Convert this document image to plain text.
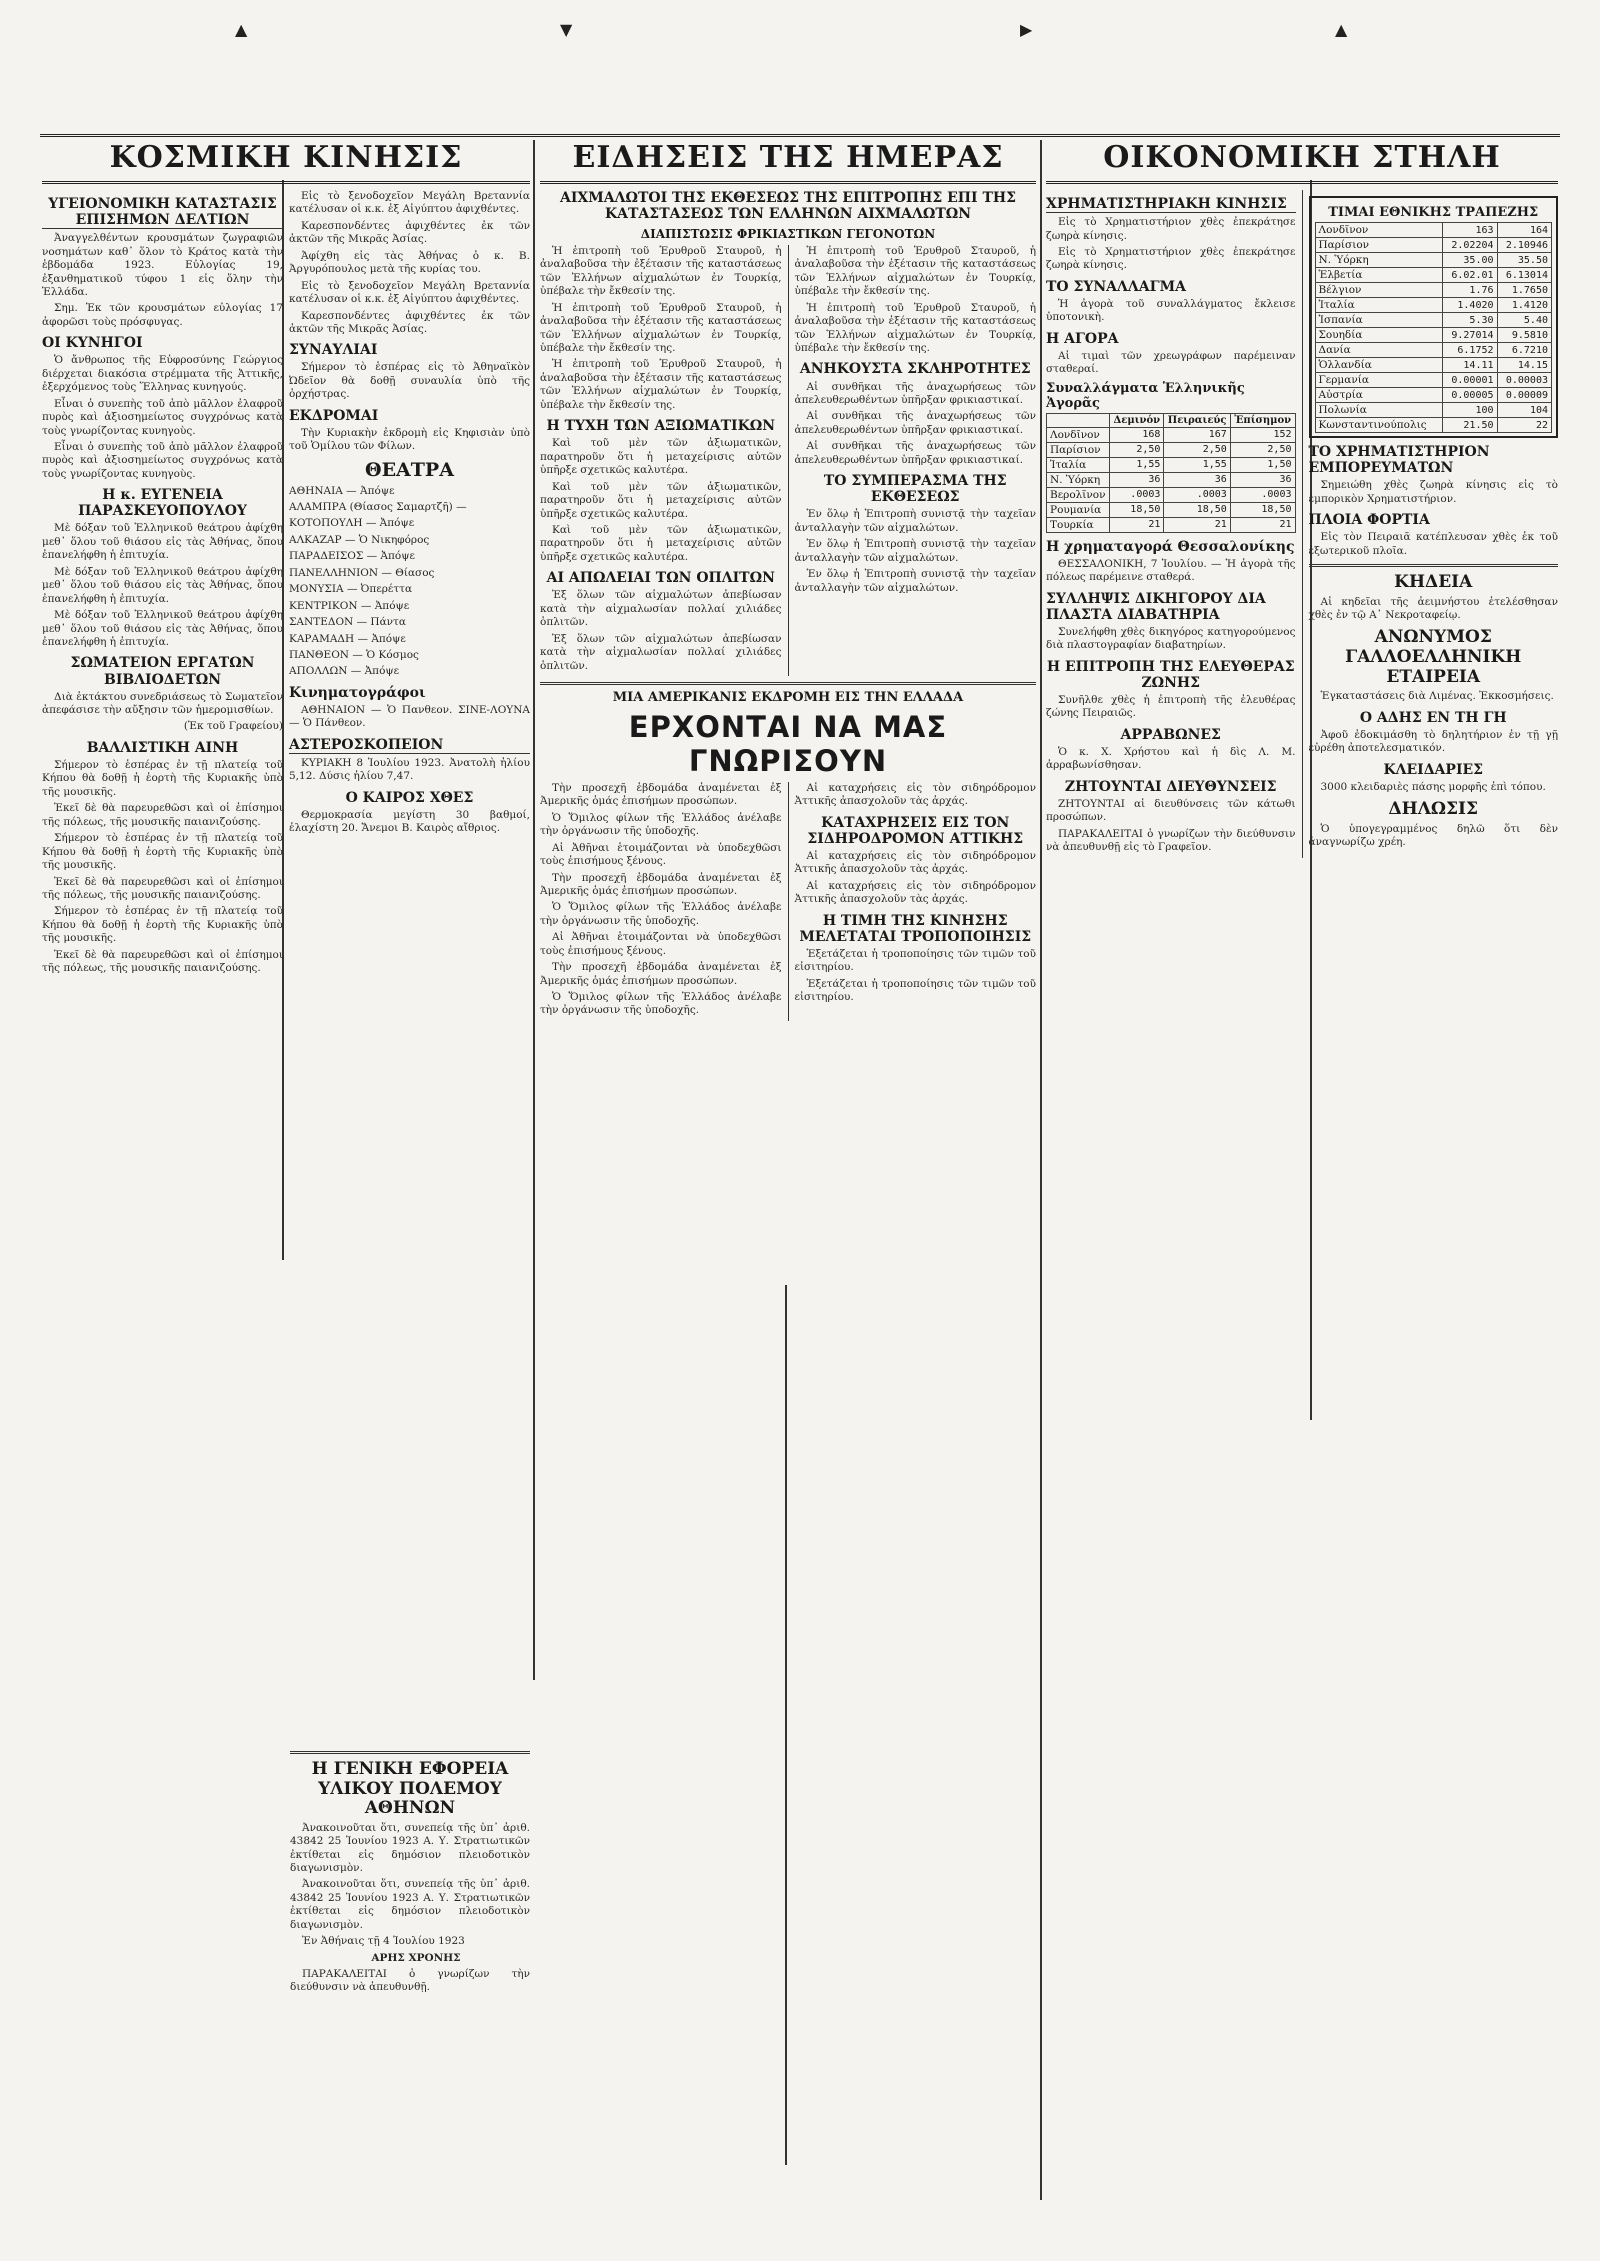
▲	▼	▶	▲
ΚΟΣΜΙΚΗ ΚΙΝΗΣΙΣ
ΥΓΕΙΟΝΟΜΙΚΗ ΚΑΤΑΣΤΑΣΙΣ ΕΠΙΣΗΜΩΝ ΔΕΛΤΙΩΝ
Ἀναγγελθέντων κρουσμάτων ζωγραφιῶν νοσημάτων καθ᾽ ὅλον τὸ Κράτος κατὰ τὴν ἑβδομάδα 1923. Εὐλογίας 19, ἐξανθηματικοῦ τύφου 1 εἰς ὅλην τὴν Ἑλλάδα.
Σημ. Ἐκ τῶν κρουσμάτων εὐλογίας 17 ἀφορῶσι τοὺς πρόσφυγας.
ΟΙ ΚΥΝΗΓΟΙ
Ὁ ἄνθρωπος τῆς Εὐφροσύνης Γεώργιος διέρχεται διακόσια στρέμματα τῆς Ἀττικῆς, ἐξερχόμενος τοὺς Ἕλληνας κυνηγούς.
Εἶναι ὁ συνεπὴς τοῦ ἁπὸ μᾶλλον ἐλαφροῦ πυρὸς καὶ ἀξιοσημείωτος συγχρόνως κατὰ τοὺς γνωρίζοντας κυνηγοὺς.
Εἶναι ὁ συνεπὴς τοῦ ἁπὸ μᾶλλον ἐλαφροῦ πυρὸς καὶ ἀξιοσημείωτος συγχρόνως κατὰ τοὺς γνωρίζοντας κυνηγοὺς.
Η κ. ΕΥΓΕΝΕΙΑ ΠΑΡΑΣΚΕΥΟΠΟΥΛΟΥ
Μὲ δόξαν τοῦ Ἑλληνικοῦ θεάτρου ἀφίχθη μεθ᾽ ὅλου τοῦ θιάσου εἰς τὰς Ἀθήνας, ὅπου ἐπανελήφθη ἡ ἐπιτυχία.
Μὲ δόξαν τοῦ Ἑλληνικοῦ θεάτρου ἀφίχθη μεθ᾽ ὅλου τοῦ θιάσου εἰς τὰς Ἀθήνας, ὅπου ἐπανελήφθη ἡ ἐπιτυχία.
Μὲ δόξαν τοῦ Ἑλληνικοῦ θεάτρου ἀφίχθη μεθ᾽ ὅλου τοῦ θιάσου εἰς τὰς Ἀθήνας, ὅπου ἐπανελήφθη ἡ ἐπιτυχία.
ΣΩΜΑΤΕΙΟΝ ΕΡΓΑΤΩΝ ΒΙΒΛΙΟΔΕΤΩΝ
Διὰ ἐκτάκτου συνεδριάσεως τὸ Σωματεῖον ἀπεφάσισε τὴν αὔξησιν τῶν ἡμερομισθίων.
(Ἐκ τοῦ Γραφείου)
ΒΑΛΛΙΣΤΙΚΗ ΑΙΝΗ
Σήμερον τὸ ἑσπέρας ἐν τῇ πλατείᾳ τοῦ Κήπου θὰ δοθῇ ἡ ἑορτὴ τῆς Κυριακῆς ὑπὸ τῆς μουσικῆς.
Ἐκεῖ δὲ θὰ παρευρεθῶσι καὶ οἱ ἐπίσημοι τῆς πόλεως, τῆς μουσικῆς παιανιζούσης.
Σήμερον τὸ ἑσπέρας ἐν τῇ πλατείᾳ τοῦ Κήπου θὰ δοθῇ ἡ ἑορτὴ τῆς Κυριακῆς ὑπὸ τῆς μουσικῆς.
Ἐκεῖ δὲ θὰ παρευρεθῶσι καὶ οἱ ἐπίσημοι τῆς πόλεως, τῆς μουσικῆς παιανιζούσης.
Σήμερον τὸ ἑσπέρας ἐν τῇ πλατείᾳ τοῦ Κήπου θὰ δοθῇ ἡ ἑορτὴ τῆς Κυριακῆς ὑπὸ τῆς μουσικῆς.
Ἐκεῖ δὲ θὰ παρευρεθῶσι καὶ οἱ ἐπίσημοι τῆς πόλεως, τῆς μουσικῆς παιανιζούσης.
Εἰς τὸ ξενοδοχεῖον Μεγάλη Βρεταννία κατέλυσαν οἱ κ.κ. ἐξ Αἰγύπτου ἀφιχθέντες.
Καρεσπονδέντες ἀφιχθέντες ἐκ τῶν ἀκτῶν τῆς Μικρᾶς Ἀσίας.
Ἀφίχθη εἰς τὰς Ἀθήνας ὁ κ. Β. Ἀργυρόπουλος μετὰ τῆς κυρίας του.
Εἰς τὸ ξενοδοχεῖον Μεγάλη Βρεταννία κατέλυσαν οἱ κ.κ. ἐξ Αἰγύπτου ἀφιχθέντες.
Καρεσπονδέντες ἀφιχθέντες ἐκ τῶν ἀκτῶν τῆς Μικρᾶς Ἀσίας.
ΣΥΝΑΥΛΙΑΙ
Σήμερον τὸ ἑσπέρας εἰς τὸ Ἀθηναϊκὸν Ὠδεῖον θὰ δοθῇ συναυλία ὑπὸ τῆς ὀρχήστρας.
ΕΚΔΡΟΜΑΙ
Τὴν Κυριακὴν ἐκδρομὴ εἰς Κηφισιὰν ὑπὸ τοῦ Ὁμίλου τῶν Φίλων.
ΘΕΑΤΡΑ
ΑΘΗΝΑΙΑ — Ἀπόψε
ΑΛΑΜΠΡΑ (Θίασος Σαμαρτζῆ) —
ΚΟΤΟΠΟΥΛΗ — Ἀπόψε
ΑΛΚΑΖΑΡ — Ὁ Νικηφόρος
ΠΑΡΑΔΕΙΣΟΣ — Ἀπόψε
ΠΑΝΕΛΛΗΝΙΟΝ — Θίασος
ΜΟΝΥΣΙΑ — Ὀπερέττα
ΚΕΝΤΡΙΚΟΝ — Ἀπόψε
ΣΑΝΤΕΔΟΝ — Πάντα
ΚΑΡΑΜΑΔΗ — Ἀπόψε
ΠΑΝΘΕΟΝ — Ὁ Κόσμος
ΑΠΟΛΛΩΝ — Ἀπόψε
Κινηματογράφοι
ΑΘΗΝΑΙΟΝ — Ὁ Πανθεον. ΣΙΝΕ-ΛΟΥΝΑ — Ὁ Πάνθεον.
ΑΣΤΕΡΟΣΚΟΠΕΙΟΝ
ΚΥΡΙΑΚΗ 8 Ἰουλίου 1923. Ἀνατολὴ ἡλίου 5,12. Δύσις ἡλίου 7,47.
Ο ΚΑΙΡΟΣ ΧΘΕΣ
Θερμοκρασία μεγίστη 30 βαθμοί, ἐλαχίστη 20. Ἄνεμοι Β. Καιρὸς αἴθριος.
Η ΓΕΝΙΚΗ ΕΦΟΡΕΙΑ ΥΛΙΚΟΥ ΠΟΛΕΜΟΥ ΑΘΗΝΩΝ
Ἀνακοινοῦται ὅτι, συνεπείᾳ τῆς ὑπ᾽ ἀριθ. 43842 25 Ἰουνίου 1923 Α. Υ. Στρατιωτικῶν ἐκτίθεται εἰς δημόσιον πλειοδοτικὸν διαγωνισμὸν.
Ἀνακοινοῦται ὅτι, συνεπείᾳ τῆς ὑπ᾽ ἀριθ. 43842 25 Ἰουνίου 1923 Α. Υ. Στρατιωτικῶν ἐκτίθεται εἰς δημόσιον πλειοδοτικὸν διαγωνισμὸν.
Ἐν Ἀθήναις τῇ 4 Ἰουλίου 1923
ΑΡΗΣ ΧΡΟΝΗΣ
ΠΑΡΑΚΑΛΕΙΤΑΙ ὁ γνωρίζων τὴν διεύθυνσιν νὰ ἀπευθυνθῇ.
ΕΙΔΗΣΕΙΣ ΤΗΣ ΗΜΕΡΑΣ
ΑΙΧΜΑΛΩΤΟΙ ΤΗΣ ΕΚΘΕΣΕΩΣ ΤΗΣ ΕΠΙΤΡΟΠΗΣ ΕΠΙ ΤΗΣ ΚΑΤΑΣΤΑΣΕΩΣ ΤΩΝ ΕΛΛΗΝΩΝ ΑΙΧΜΑΛΩΤΩΝ
ΔΙΑΠΙΣΤΩΣΙΣ ΦΡΙΚΙΑΣΤΙΚΩΝ ΓΕΓΟΝΟΤΩΝ
Ἡ ἐπιτροπὴ τοῦ Ἐρυθροῦ Σταυροῦ, ἡ ἀναλαβοῦσα τὴν ἐξέτασιν τῆς καταστάσεως τῶν Ἑλλήνων αἰχμαλώτων ἐν Τουρκίᾳ, ὑπέβαλε τὴν ἔκθεσίν της.
Ἡ ἐπιτροπὴ τοῦ Ἐρυθροῦ Σταυροῦ, ἡ ἀναλαβοῦσα τὴν ἐξέτασιν τῆς καταστάσεως τῶν Ἑλλήνων αἰχμαλώτων ἐν Τουρκίᾳ, ὑπέβαλε τὴν ἔκθεσίν της.
Ἡ ἐπιτροπὴ τοῦ Ἐρυθροῦ Σταυροῦ, ἡ ἀναλαβοῦσα τὴν ἐξέτασιν τῆς καταστάσεως τῶν Ἑλλήνων αἰχμαλώτων ἐν Τουρκίᾳ, ὑπέβαλε τὴν ἔκθεσίν της.
Η ΤΥΧΗ ΤΩΝ ΑΞΙΩΜΑΤΙΚΩΝ
Καὶ τοῦ μὲν τῶν ἀξιωματικῶν, παρατηροῦν ὅτι ἡ μεταχείρισις αὐτῶν ὑπῆρξε σχετικῶς καλυτέρα.
Καὶ τοῦ μὲν τῶν ἀξιωματικῶν, παρατηροῦν ὅτι ἡ μεταχείρισις αὐτῶν ὑπῆρξε σχετικῶς καλυτέρα.
Καὶ τοῦ μὲν τῶν ἀξιωματικῶν, παρατηροῦν ὅτι ἡ μεταχείρισις αὐτῶν ὑπῆρξε σχετικῶς καλυτέρα.
ΑΙ ΑΠΩΛΕΙΑΙ ΤΩΝ ΟΠΛΙΤΩΝ
Ἐξ ὅλων τῶν αἰχμαλώτων ἀπεβίωσαν κατὰ τὴν αἰχμαλωσίαν πολλαί χιλιάδες ὁπλιτῶν.
Ἐξ ὅλων τῶν αἰχμαλώτων ἀπεβίωσαν κατὰ τὴν αἰχμαλωσίαν πολλαί χιλιάδες ὁπλιτῶν.
Ἡ ἐπιτροπὴ τοῦ Ἐρυθροῦ Σταυροῦ, ἡ ἀναλαβοῦσα τὴν ἐξέτασιν τῆς καταστάσεως τῶν Ἑλλήνων αἰχμαλώτων ἐν Τουρκίᾳ, ὑπέβαλε τὴν ἔκθεσίν της.
Ἡ ἐπιτροπὴ τοῦ Ἐρυθροῦ Σταυροῦ, ἡ ἀναλαβοῦσα τὴν ἐξέτασιν τῆς καταστάσεως τῶν Ἑλλήνων αἰχμαλώτων ἐν Τουρκίᾳ, ὑπέβαλε τὴν ἔκθεσίν της.
ΑΝΗΚΟΥΣΤΑ ΣΚΛΗΡΟΤΗΤΕΣ
Αἱ συνθῆκαι τῆς ἀναχωρήσεως τῶν ἀπελευθερωθέντων ὑπῆρξαν φρικιαστικαί.
Αἱ συνθῆκαι τῆς ἀναχωρήσεως τῶν ἀπελευθερωθέντων ὑπῆρξαν φρικιαστικαί.
Αἱ συνθῆκαι τῆς ἀναχωρήσεως τῶν ἀπελευθερωθέντων ὑπῆρξαν φρικιαστικαί.
ΤΟ ΣΥΜΠΕΡΑΣΜΑ ΤΗΣ ΕΚΘΕΣΕΩΣ
Ἐν ὅλῳ ἡ Ἐπιτροπὴ συνιστᾷ τὴν ταχεῖαν ἀνταλλαγὴν τῶν αἰχμαλώτων.
Ἐν ὅλῳ ἡ Ἐπιτροπὴ συνιστᾷ τὴν ταχεῖαν ἀνταλλαγὴν τῶν αἰχμαλώτων.
Ἐν ὅλῳ ἡ Ἐπιτροπὴ συνιστᾷ τὴν ταχεῖαν ἀνταλλαγὴν τῶν αἰχμαλώτων.
ΜΙΑ ΑΜΕΡΙΚΑΝΙΣ ΕΚΔΡΟΜΗ ΕΙΣ ΤΗΝ ΕΛΛΑΔΑ
ΕΡΧΟΝΤΑΙ ΝΑ ΜΑΣ ΓΝΩΡΙΣΟΥΝ
Τὴν προσεχῆ ἑβδομάδα ἀναμένεται ἐξ Ἀμερικῆς ὁμάς ἐπισήμων προσώπων.
Ὁ Ὅμιλος φίλων τῆς Ἑλλάδος ἀνέλαβε τὴν ὀργάνωσιν τῆς ὑποδοχῆς.
Αἱ Ἀθῆναι ἑτοιμάζονται νὰ ὑποδεχθῶσι τοὺς ἐπισήμους ξένους.
Τὴν προσεχῆ ἑβδομάδα ἀναμένεται ἐξ Ἀμερικῆς ὁμάς ἐπισήμων προσώπων.
Ὁ Ὅμιλος φίλων τῆς Ἑλλάδος ἀνέλαβε τὴν ὀργάνωσιν τῆς ὑποδοχῆς.
Αἱ Ἀθῆναι ἑτοιμάζονται νὰ ὑποδεχθῶσι τοὺς ἐπισήμους ξένους.
Τὴν προσεχῆ ἑβδομάδα ἀναμένεται ἐξ Ἀμερικῆς ὁμάς ἐπισήμων προσώπων.
Ὁ Ὅμιλος φίλων τῆς Ἑλλάδος ἀνέλαβε τὴν ὀργάνωσιν τῆς ὑποδοχῆς.
Αἱ καταχρήσεις εἰς τὸν σιδηρόδρομον Ἀττικῆς ἀπασχολοῦν τὰς ἀρχάς.
ΚΑΤΑΧΡΗΣΕΙΣ ΕΙΣ ΤΟΝ ΣΙΔΗΡΟΔΡΟΜΟΝ ΑΤΤΙΚΗΣ
Αἱ καταχρήσεις εἰς τὸν σιδηρόδρομον Ἀττικῆς ἀπασχολοῦν τὰς ἀρχάς.
Αἱ καταχρήσεις εἰς τὸν σιδηρόδρομον Ἀττικῆς ἀπασχολοῦν τὰς ἀρχάς.
Η ΤΙΜΗ ΤΗΣ ΚΙΝΗΣΗΣ ΜΕΛΕΤΑΤΑΙ ΤΡΟΠΟΠΟΙΗΣΙΣ
Ἐξετάζεται ἡ τροποποίησις τῶν τιμῶν τοῦ εἰσιτηρίου.
Ἐξετάζεται ἡ τροποποίησις τῶν τιμῶν τοῦ εἰσιτηρίου.
ΟΙΚΟΝΟΜΙΚΗ ΣΤΗΛΗ
ΧΡΗΜΑΤΙΣΤΗΡΙΑΚΗ ΚΙΝΗΣΙΣ
Εἰς τὸ Χρηματιστήριον χθὲς ἐπεκράτησε ζωηρὰ κίνησις.
Εἰς τὸ Χρηματιστήριον χθὲς ἐπεκράτησε ζωηρὰ κίνησις.
ΤΟ ΣΥΝΑΛΛΑΓΜΑ
Ἡ ἀγορὰ τοῦ συναλλάγματος ἔκλεισε ὑποτονικὴ.
Η ΑΓΟΡΑ
Αἱ τιμαὶ τῶν χρεωγράφων παρέμειναν σταθεραί.
Συναλλάγματα Ἑλληνικῆς Ἀγορᾶς
	Δεμινόν	Πειραιεύς	Ἐπίσημον
Λονδῖνον	168	167	152
Παρίσιον	2,50	2,50	2,50
Ἰταλία	1,55	1,55	1,50
Ν. Ὑόρκη	36	36	36
Βερολῖνον	.0003	.0003	.0003
Ρουμανία	18,50	18,50	18,50
Τουρκία	21	21	21
Η χρηματαγορά Θεσσαλονίκης
ΘΕΣΣΑΛΟΝΙΚΗ, 7 Ἰουλίου. — Ἡ ἀγορὰ τῆς πόλεως παρέμεινε σταθερά.
ΣΥΛΛΗΨΙΣ ΔΙΚΗΓΟΡΟΥ ΔΙΑ ΠΛΑΣΤΑ ΔΙΑΒΑΤΗΡΙΑ
Συνελήφθη χθὲς δικηγόρος κατηγορούμενος διὰ πλαστογραφίαν διαβατηρίων.
Η ΕΠΙΤΡΟΠΗ ΤΗΣ ΕΛΕΥΘΕΡΑΣ ΖΩΝΗΣ
Συνῆλθε χθὲς ἡ ἐπιτροπὴ τῆς ἐλευθέρας ζώνης Πειραιῶς.
ΑΡΡΑΒΩΝΕΣ
Ὁ κ. Χ. Χρήστου καὶ ἡ δὶς Λ. Μ. ἀρραβωνίσθησαν.
ΖΗΤΟΥΝΤΑΙ ΔΙΕΥΘΥΝΣΕΙΣ
ΖΗΤΟΥΝΤΑΙ αἱ διευθύνσεις τῶν κάτωθι προσώπων.
ΠΑΡΑΚΑΛΕΙΤΑΙ ὁ γνωρίζων τὴν διεύθυνσιν νὰ ἀπευθυνθῇ εἰς τὸ Γραφεῖον.
ΤΙΜΑΙ ΕΘΝΙΚΗΣ ΤΡΑΠΕΖΗΣ
Λονδῖνον	163	164
Παρίσιον	2.02204	2.10946
Ν. Ὑόρκη	35.00	35.50
Ἑλβετία	6.02.01	6.13014
Βέλγιον	1.76	1.7650
Ἰταλία	1.4020	1.4120
Ἰσπανία	5.30	5.40
Σουηδία	9.27014	9.5810
Δανία	6.1752	6.7210
Ὁλλανδία	14.11	14.15
Γερμανία	0.00001	0.00003
Αὐστρία	0.00005	0.00009
Πολωνία	100	104
Κωνσταντινούπολις	21.50	22
ΤΟ ΧΡΗΜΑΤΙΣΤΗΡΙΟΝ ΕΜΠΟΡΕΥΜΑΤΩΝ
Σημειώθη χθὲς ζωηρὰ κίνησις εἰς τὸ ἐμπορικὸν Χρηματιστήριον.
ΠΛΟΙΑ ΦΟΡΤΙΑ
Εἰς τὸν Πειραιᾶ κατέπλευσαν χθὲς ἐκ τοῦ ἐξωτερικοῦ πλοῖα.
ΚΗΔΕΙΑ
Αἱ κηδεῖαι τῆς ἀειμνήστου ἐτελέσθησαν χθὲς ἐν τῷ Α᾽ Νεκροταφείῳ.
ΑΝΩΝΥΜΟΣ ΓΑΛΛΟΕΛΛΗΝΙΚΗ ΕΤΑΙΡΕΙΑ
Ἐγκαταστάσεις διὰ Λιμένας. Ἐκκοσμήσεις.
Ο ΑΔΗΣ ΕΝ ΤΗ ΓΗ
Ἀφοῦ ἐδοκιμάσθη τὸ δηλητήριον ἐν τῇ γῇ εὑρέθη ἀποτελεσματικόν.
ΚΛΕΙΔΑΡΙΕΣ
3000 κλειδαριὲς πάσης μορφῆς ἐπὶ τόπου.
ΔΗΛΩΣΙΣ
Ὁ ὑπογεγραμμένος δηλῶ ὅτι δὲν ἀναγνωρίζω χρέη.
